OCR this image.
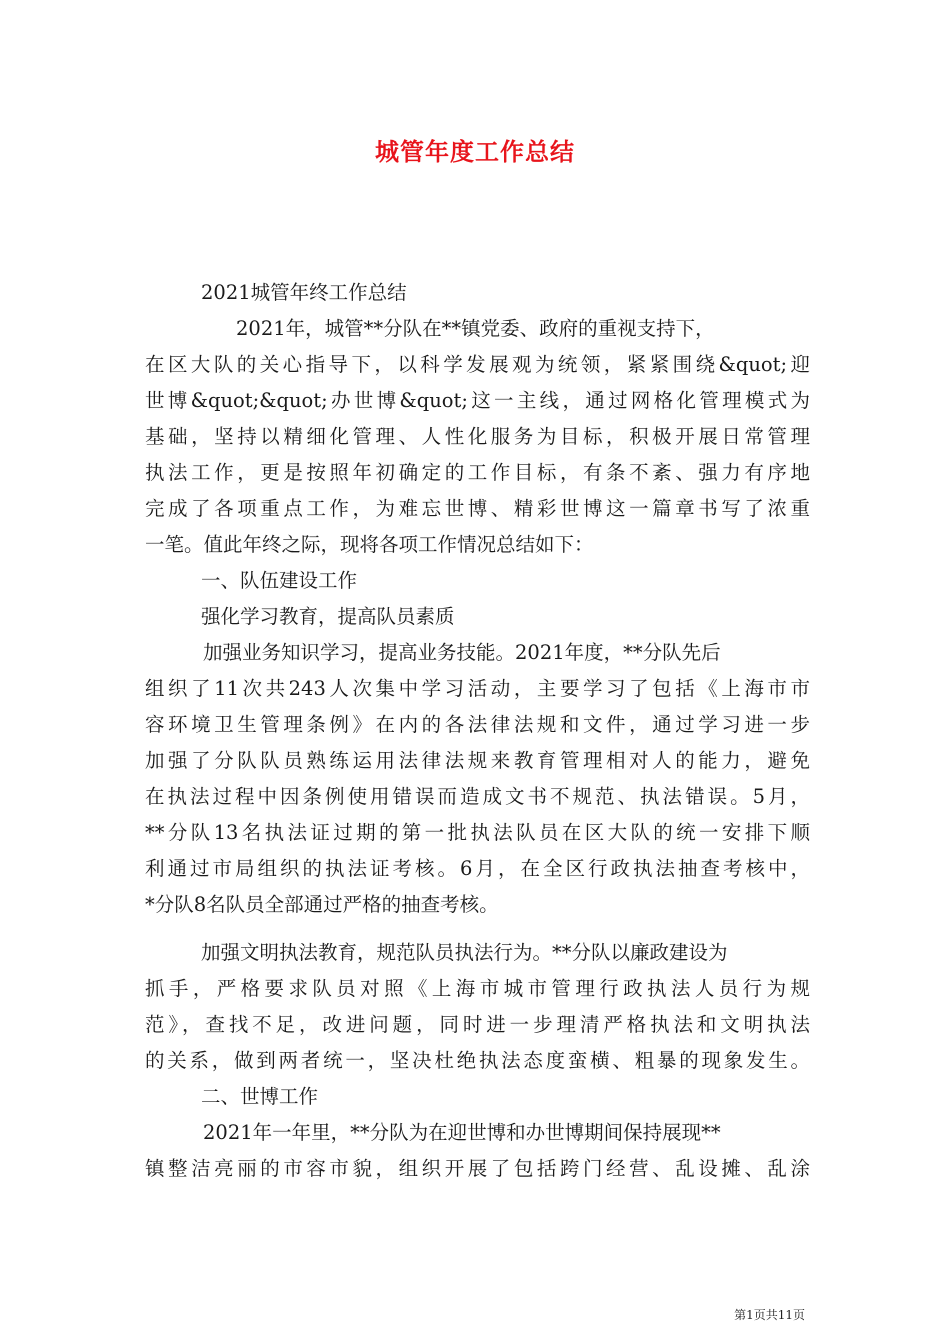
城管年度工作总结
2021城管年终工作总结
2021年，城管**分队在**镇党委、政府的重视支持下，
在区大队的关心指导下，以科学发展观为统领，紧紧围绕&quot;迎
世博&quot;&quot;办世博&quot;这一主线，通过网格化管理模式为
基础，坚持以精细化管理、人性化服务为目标，积极开展日常管理
执法工作，更是按照年初确定的工作目标，有条不紊、强力有序地
完成了各项重点工作，为难忘世博、精彩世博这一篇章书写了浓重
一笔。值此年终之际，现将各项工作情况总结如下：
一、队伍建设工作
强化学习教育，提高队员素质
加强业务知识学习，提高业务技能。2021年度，**分队先后
组织了11次共243人次集中学习活动，主要学习了包括《上海市市
容环境卫生管理条例》在内的各法律法规和文件，通过学习进一步
加强了分队队员熟练运用法律法规来教育管理相对人的能力，避免
在执法过程中因条例使用错误而造成文书不规范、执法错误。5月，
**分队13名执法证过期的第一批执法队员在区大队的统一安排下顺
利通过市局组织的执法证考核。6月，在全区行政执法抽查考核中，
*分队8名队员全部通过严格的抽查考核。
加强文明执法教育，规范队员执法行为。**分队以廉政建设为
抓手，严格要求队员对照《上海市城市管理行政执法人员行为规
范》，查找不足，改进问题，同时进一步理清严格执法和文明执法
的关系，做到两者统一，坚决杜绝执法态度蛮横、粗暴的现象发生。
二、世博工作
2021年一年里，**分队为在迎世博和办世博期间保持展现**
镇整洁亮丽的市容市貌，组织开展了包括跨门经营、乱设摊、乱涂
第1页共11页
